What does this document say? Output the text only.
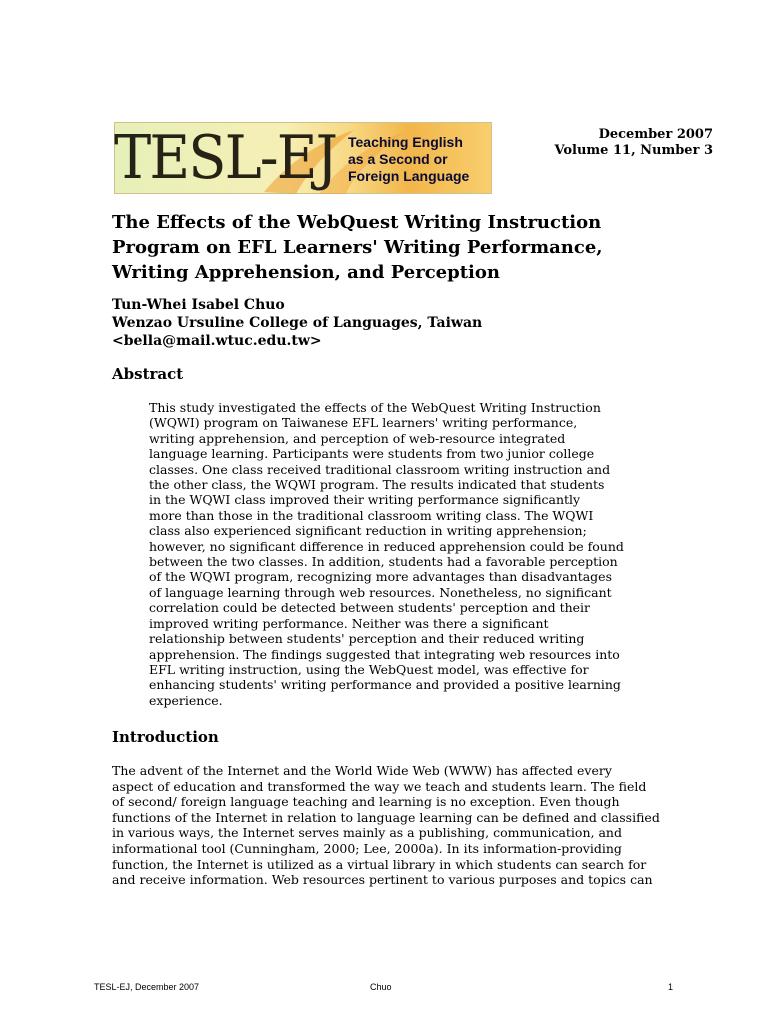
TESL-EJ Teaching English
as a Second or
Foreign Language
December 2007
Volume 11, Number 3
The Effects of the WebQuest Writing Instruction
Program on EFL Learners' Writing Performance,
Writing Apprehension, and Perception
Tun-Whei Isabel Chuo
Wenzao Ursuline College of Languages, Taiwan
<bella@mail.wtuc.edu.tw>
Abstract
This study investigated the effects of the WebQuest Writing Instruction
(WQWI) program on Taiwanese EFL learners' writing performance,
writing apprehension, and perception of web-resource integrated
language learning. Participants were students from two junior college
classes. One class received traditional classroom writing instruction and
the other class, the WQWI program. The results indicated that students
in the WQWI class improved their writing performance significantly
more than those in the traditional classroom writing class. The WQWI
class also experienced significant reduction in writing apprehension;
however, no significant difference in reduced apprehension could be found
between the two classes. In addition, students had a favorable perception
of the WQWI program, recognizing more advantages than disadvantages
of language learning through web resources. Nonetheless, no significant
correlation could be detected between students' perception and their
improved writing performance. Neither was there a significant
relationship between students' perception and their reduced writing
apprehension. The findings suggested that integrating web resources into
EFL writing instruction, using the WebQuest model, was effective for
enhancing students' writing performance and provided a positive learning
experience.
Introduction
The advent of the Internet and the World Wide Web (WWW) has affected every
aspect of education and transformed the way we teach and students learn. The field
of second/ foreign language teaching and learning is no exception. Even though
functions of the Internet in relation to language learning can be defined and classified
in various ways, the Internet serves mainly as a publishing, communication, and
informational tool (Cunningham, 2000; Lee, 2000a). In its information-providing
function, the Internet is utilized as a virtual library in which students can search for
and receive information. Web resources pertinent to various purposes and topics can
TESL-EJ, December 2007	Chuo	1
